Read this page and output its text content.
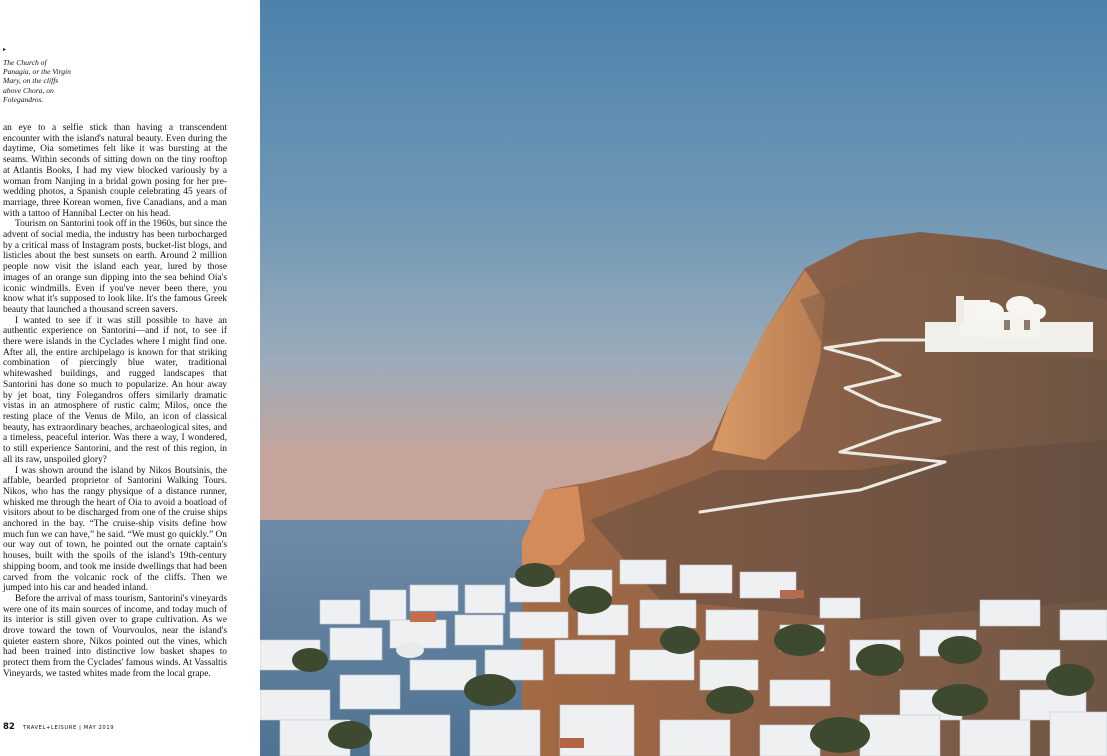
▸
The Church of Panagia, or the Virgin Mary, on the cliffs above Chora, on Folegandros.

an eye to a selfie stick than having a transcendent encounter with the island's natural beauty. Even during the daytime, Oia sometimes felt like it was bursting at the seams. Within seconds of sitting down on the tiny rooftop at Atlantis Books, I had my view blocked variously by a woman from Nanjing in a bridal gown posing for her pre-wedding photos, a Spanish couple celebrating 45 years of marriage, three Korean women, five Canadians, and a man with a tattoo of Hannibal Lecter on his head.

Tourism on Santorini took off in the 1960s, but since the advent of social media, the industry has been turbocharged by a critical mass of Instagram posts, bucket-list blogs, and listicles about the best sunsets on earth. Around 2 million people now visit the island each year, lured by those images of an orange sun dipping into the sea behind Oia's iconic windmills. Even if you've never been there, you know what it's supposed to look like. It's the famous Greek beauty that launched a thousand screen savers.

I wanted to see if it was still possible to have an authentic experience on Santorini—and if not, to see if there were islands in the Cyclades where I might find one. After all, the entire archipelago is known for that striking combination of piercingly blue water, traditional whitewashed buildings, and rugged landscapes that Santorini has done so much to popularize. An hour away by jet boat, tiny Folegandros offers similarly dramatic vistas in an atmosphere of rustic calm; Milos, once the resting place of the Venus de Milo, an icon of classical beauty, has extraordinary beaches, archaeological sites, and a timeless, peaceful interior. Was there a way, I wondered, to still experience Santorini, and the rest of this region, in all its raw, unspoiled glory?

I was shown around the island by Nikos Boutsinis, the affable, bearded proprietor of Santorini Walking Tours. Nikos, who has the rangy physique of a distance runner, whisked me through the heart of Oia to avoid a boatload of visitors about to be discharged from one of the cruise ships anchored in the bay. “The cruise-ship visits define how much fun we can have,” he said. “We must go quickly.” On our way out of town, he pointed out the ornate captain's houses, built with the spoils of the island's 19th-century shipping boom, and took me inside dwellings that had been carved from the volcanic rock of the cliffs. Then we jumped into his car and headed inland.

Before the arrival of mass tourism, Santorini's vineyards were one of its main sources of income, and today much of its interior is still given over to grape cultivation. As we drove toward the town of Vourvoulos, near the island's quieter eastern shore, Nikos pointed out the vines, which had been trained into distinctive low basket shapes to protect them from the Cyclades' famous winds. At Vassaltis Vineyards, we tasted whites made from the local grape.

82 TRAVEL+LEISURE | MAY 2019
